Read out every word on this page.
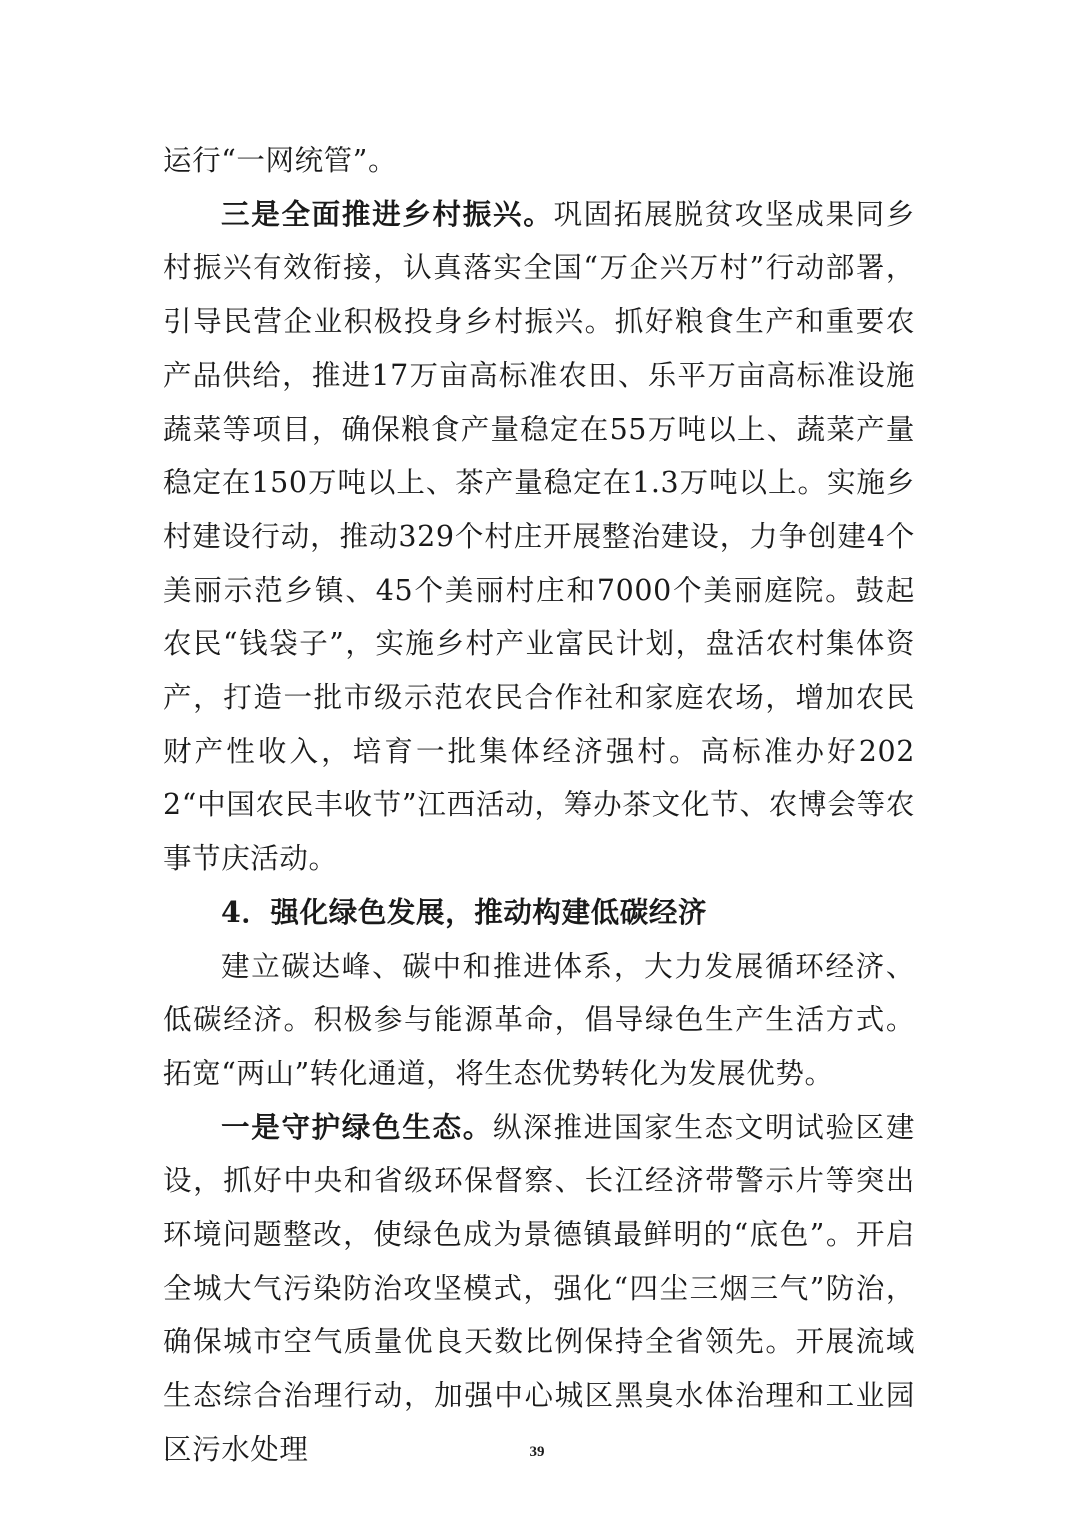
运行“一网统管”。

三是全面推进乡村振兴。巩固拓展脱贫攻坚成果同乡村振兴有效衔接，认真落实全国“万企兴万村”行动部署，引导民营企业积极投身乡村振兴。抓好粮食生产和重要农产品供给，推进17万亩高标准农田、乐平万亩高标准设施蔬菜等项目，确保粮食产量稳定在55万吨以上、蔬菜产量稳定在150万吨以上、茶产量稳定在1.3万吨以上。实施乡村建设行动，推动329个村庄开展整治建设，力争创建4个美丽示范乡镇、45个美丽村庄和7000个美丽庭院。鼓起农民“钱袋子”，实施乡村产业富民计划，盘活农村集体资产，打造一批市级示范农民合作社和家庭农场，增加农民财产性收入，培育一批集体经济强村。高标准办好2022“中国农民丰收节”江西活动，筹办茶文化节、农博会等农事节庆活动。

4．强化绿色发展，推动构建低碳经济

建立碳达峰、碳中和推进体系，大力发展循环经济、低碳经济。积极参与能源革命，倡导绿色生产生活方式。拓宽“两山”转化通道，将生态优势转化为发展优势。

一是守护绿色生态。纵深推进国家生态文明试验区建设，抓好中央和省级环保督察、长江经济带警示片等突出环境问题整改，使绿色成为景德镇最鲜明的“底色”。开启全城大气污染防治攻坚模式，强化“四尘三烟三气”防治，确保城市空气质量优良天数比例保持全省领先。开展流域生态综合治理行动，加强中心城区黑臭水体治理和工业园区污水处理	39
